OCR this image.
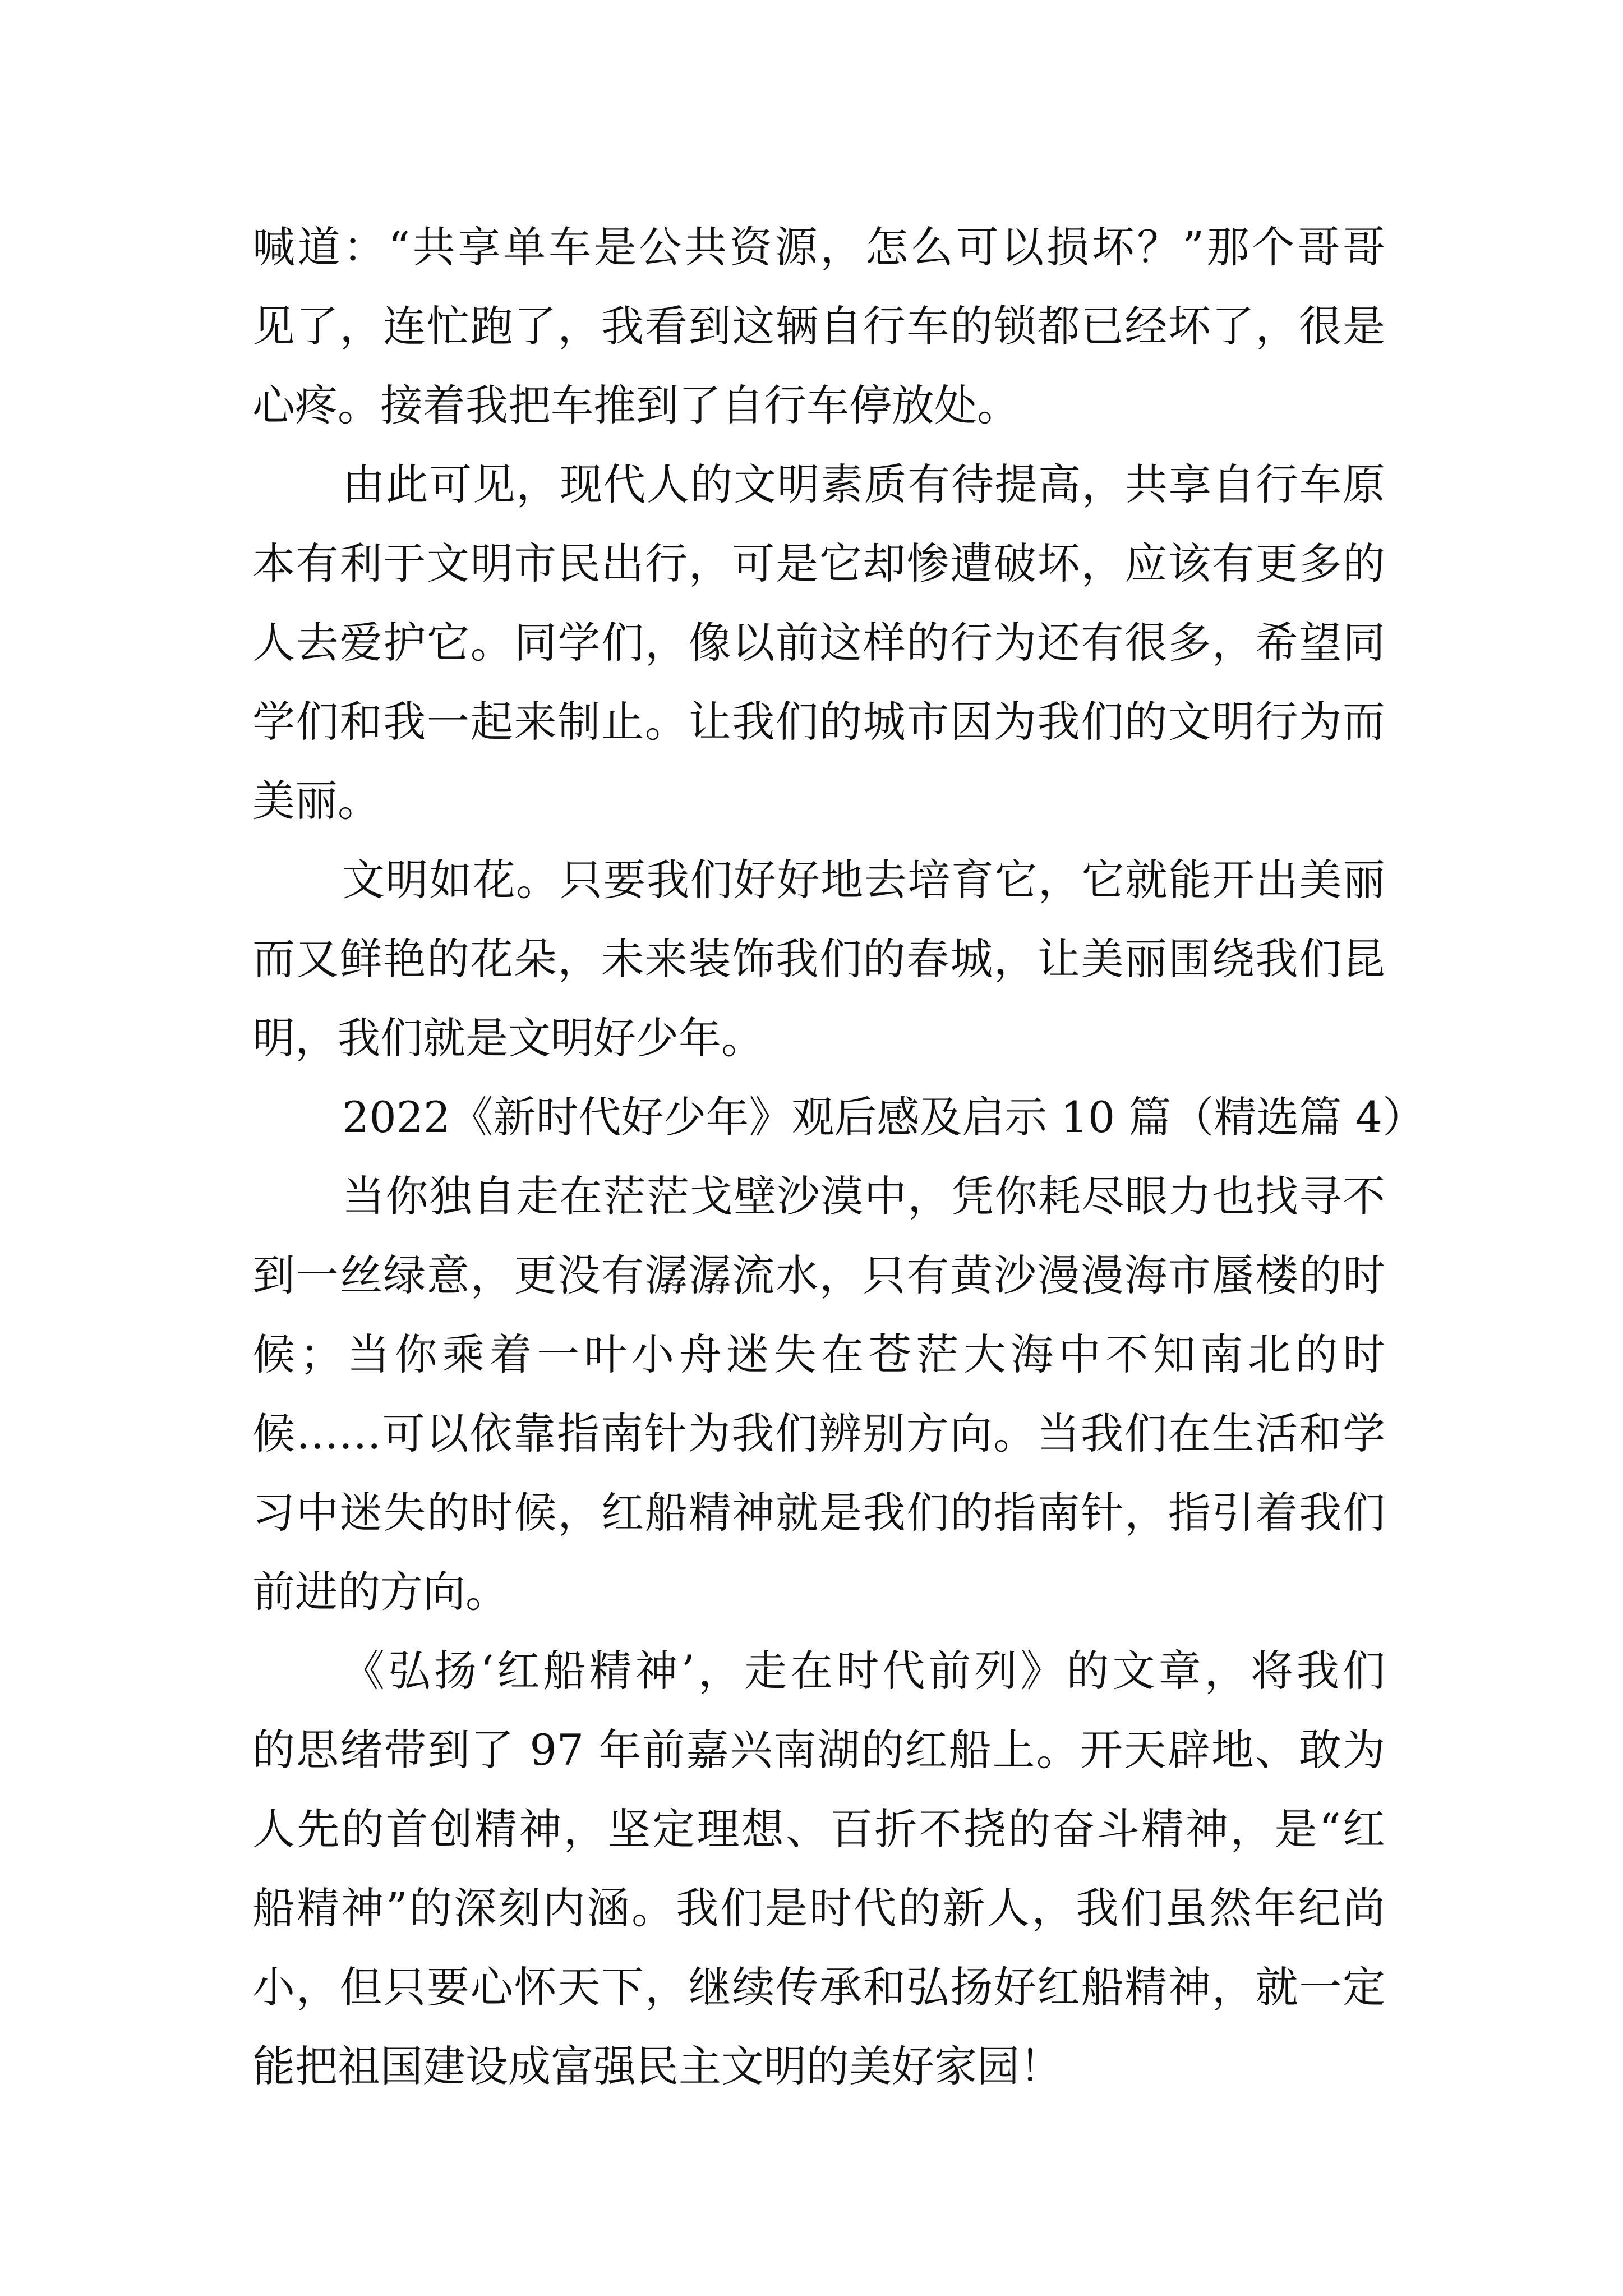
喊道：“共享单车是公共资源，怎么可以损坏？”那个哥哥
见了，连忙跑了，我看到这辆自行车的锁都已经坏了，很是
心疼。接着我把车推到了自行车停放处。
由此可见，现代人的文明素质有待提高，共享自行车原
本有利于文明市民出行，可是它却惨遭破坏，应该有更多的
人去爱护它。同学们，像以前这样的行为还有很多，希望同
学们和我一起来制止。让我们的城市因为我们的文明行为而
美丽。
文明如花。只要我们好好地去培育它，它就能开出美丽
而又鲜艳的花朵，未来装饰我们的春城，让美丽围绕我们昆
明，我们就是文明好少年。
2022《新时代好少年》观后感及启示 10 篇（精选篇 4）
当你独自走在茫茫戈壁沙漠中，凭你耗尽眼力也找寻不
到一丝绿意，更没有潺潺流水，只有黄沙漫漫海市蜃楼的时
候；当你乘着一叶小舟迷失在苍茫大海中不知南北的时
候……可以依靠指南针为我们辨别方向。当我们在生活和学
习中迷失的时候，红船精神就是我们的指南针，指引着我们
前进的方向。
《弘扬‘红船精神’，走在时代前列》的文章，将我们
的思绪带到了 97 年前嘉兴南湖的红船上。开天辟地、敢为
人先的首创精神，坚定理想、百折不挠的奋斗精神，是“红
船精神”的深刻内涵。我们是时代的新人，我们虽然年纪尚
小，但只要心怀天下，继续传承和弘扬好红船精神，就一定
能把祖国建设成富强民主文明的美好家园！
